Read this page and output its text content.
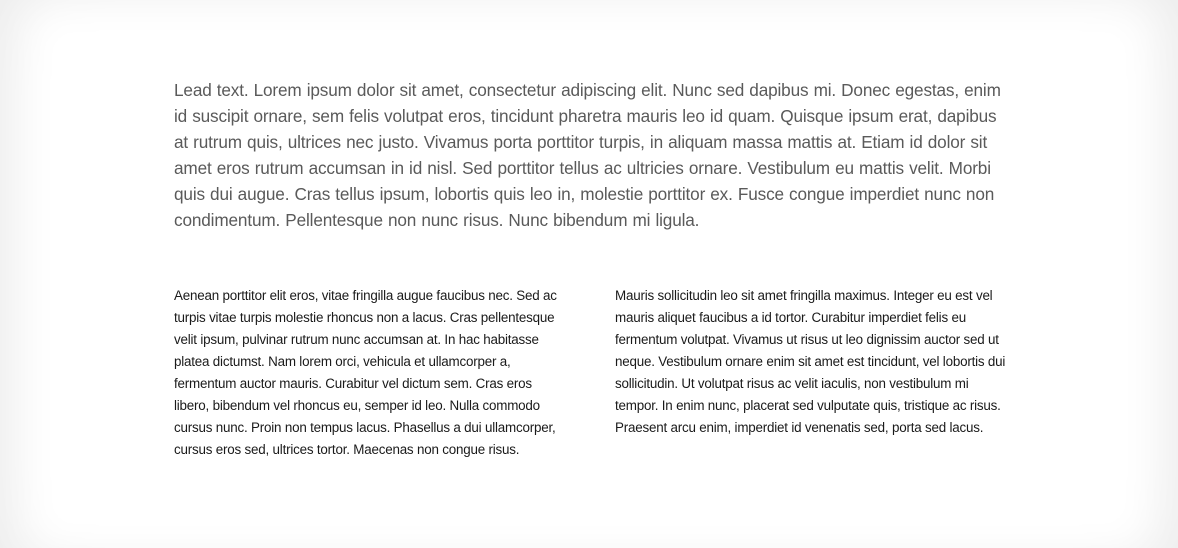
Lead text. Lorem ipsum dolor sit amet, consectetur adipiscing elit. Nunc sed dapibus mi. Donec egestas, enim id suscipit ornare, sem felis volutpat eros, tincidunt pharetra mauris leo id quam. Quisque ipsum erat, dapibus at rutrum quis, ultrices nec justo. Vivamus porta porttitor turpis, in aliquam massa mattis at. Etiam id dolor sit amet eros rutrum accumsan in id nisl. Sed porttitor tellus ac ultricies ornare. Vestibulum eu mattis velit. Morbi quis dui augue. Cras tellus ipsum, lobortis quis leo in, molestie porttitor ex. Fusce congue imperdiet nunc non condimentum. Pellentesque non nunc risus. Nunc bibendum mi ligula.

Aenean porttitor elit eros, vitae fringilla augue faucibus nec. Sed ac turpis vitae turpis molestie rhoncus non a lacus. Cras pellentesque velit ipsum, pulvinar rutrum nunc accumsan at. In hac habitasse platea dictumst. Nam lorem orci, vehicula et ullamcorper a, fermentum auctor mauris. Curabitur vel dictum sem. Cras eros libero, bibendum vel rhoncus eu, semper id leo. Nulla commodo cursus nunc. Proin non tempus lacus. Phasellus a dui ullamcorper, cursus eros sed, ultrices tortor. Maecenas non congue risus.

Mauris sollicitudin leo sit amet fringilla maximus. Integer eu est vel mauris aliquet faucibus a id tortor. Curabitur imperdiet felis eu fermentum volutpat. Vivamus ut risus ut leo dignissim auctor sed ut neque. Vestibulum ornare enim sit amet est tincidunt, vel lobortis dui sollicitudin. Ut volutpat risus ac velit iaculis, non vestibulum mi tempor. In enim nunc, placerat sed vulputate quis, tristique ac risus. Praesent arcu enim, imperdiet id venenatis sed, porta sed lacus.
